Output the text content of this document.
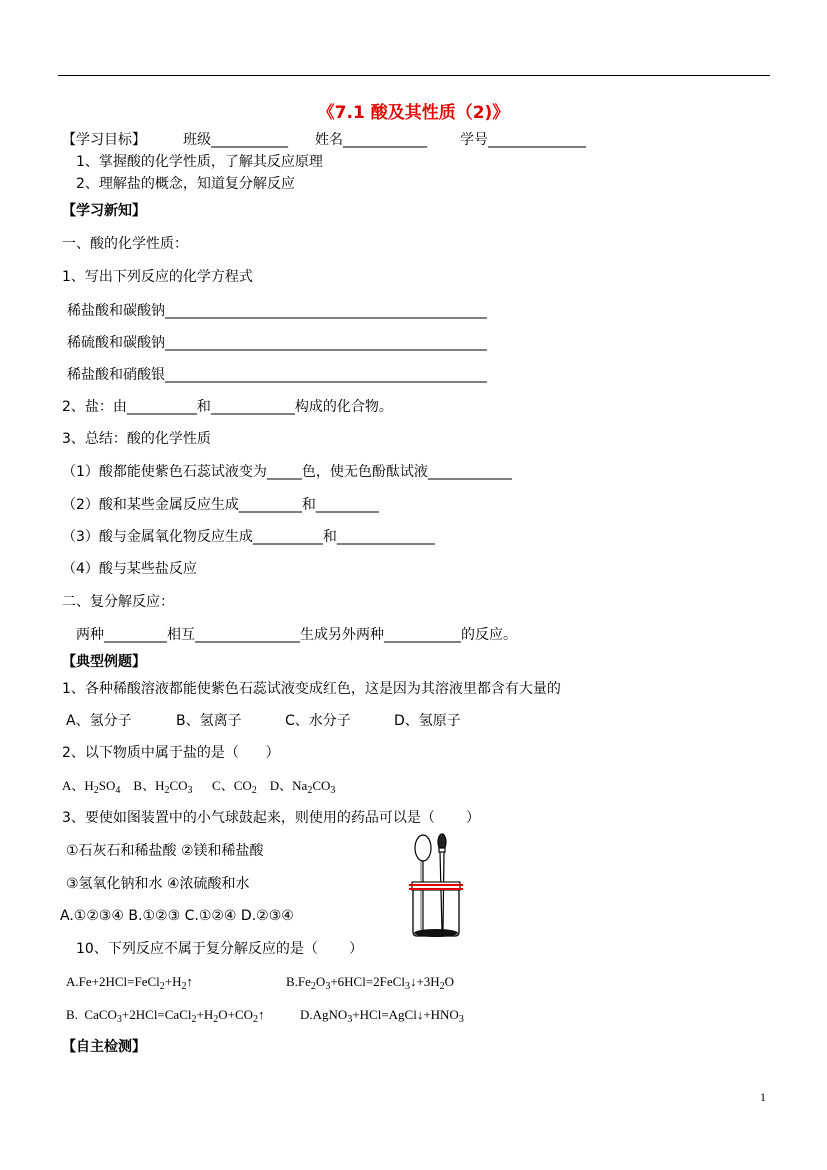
《7.1 酸及其性质（2)》
【学习目标】	班级___________ 姓名____________ 学号______________
1、掌握酸的化学性质，了解其反应原理
2、理解盐的概念，知道复分解反应
【学习新知】
一、酸的化学性质：
1、写出下列反应的化学方程式
稀盐酸和碳酸钠______________________________________________
稀硫酸和碳酸钠______________________________________________
稀盐酸和硝酸银______________________________________________
2、盐：由__________和____________构成的化合物。
3、总结：酸的化学性质
（1）酸都能使紫色石蕊试液变为_____色，使无色酚酞试液____________
（2）酸和某些金属反应生成_________和_________
（3）酸与金属氧化物反应生成__________和______________
（4）酸与某些盐反应
二、复分解反应：
两种_________相互_______________生成另外两种___________的反应。
【典型例题】
1、各种稀酸溶液都能使紫色石蕊试液变成红色，这是因为其溶液里都含有大量的
A、氢分子	B、氢离子	C、水分子	D、氢原子
2、以下物质中属于盐的是（      ）
A、$H_2SO_4$ B、$H_2CO_3$ C、$CO_2$ D、$Na_2CO_3$
3、要使如图装置中的小气球鼓起来，则使用的药品可以是（       ）
①石灰石和稀盐酸 ②镁和稀盐酸
③氢氧化钠和水 ④浓硫酸和水
A.①②③④ B.①②③ C.①②④ D.②③④
10、下列反应不属于复分解反应的是（       ）
$A.Fe+2HCl=FeCl_2+H_2↑$	$B.Fe_2O_3+6HCl=2FeCl_3↓+3H_2O$
B.  $CaCO_3+2HCl=CaCl_2+H_2O+CO_2↑$	$D.AgNO_3+HCl=AgCl↓+HNO_3$
【自主检测】
1
